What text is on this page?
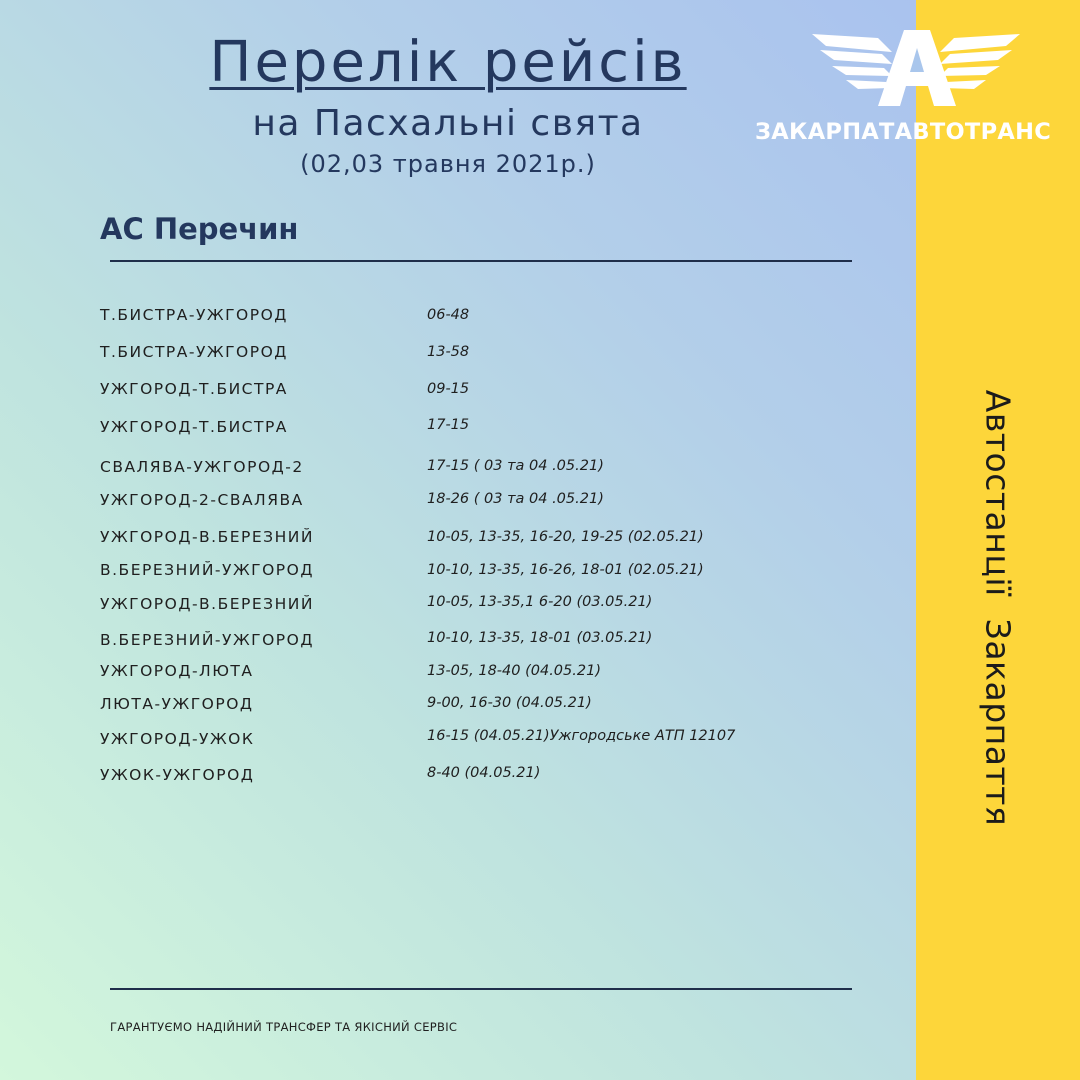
АвтостанціїЗакарпаття
Перелік рейсів
на Пасхальні свята
(02,03 травня 2021р.)
ЗАКАРПАТАВТОТРАНС
АС Перечин
Т.БИСТРА-УЖГОРОД	06-48
Т.БИСТРА-УЖГОРОД	13-58
УЖГОРОД-Т.БИСТРА	09-15
УЖГОРОД-Т.БИСТРА	17-15
СВАЛЯВА-УЖГОРОД-2	17-15 ( 03 та 04 .05.21)
УЖГОРОД-2-СВАЛЯВА	18-26 ( 03 та 04 .05.21)
УЖГОРОД-В.БЕРЕЗНИЙ	10-05, 13-35, 16-20, 19-25 (02.05.21)
В.БЕРЕЗНИЙ-УЖГОРОД	10-10, 13-35, 16-26, 18-01 (02.05.21)
УЖГОРОД-В.БЕРЕЗНИЙ	10-05, 13-35,1 6-20 (03.05.21)
В.БЕРЕЗНИЙ-УЖГОРОД	10-10, 13-35, 18-01 (03.05.21)
УЖГОРОД-ЛЮТА	13-05, 18-40 (04.05.21)
ЛЮТА-УЖГОРОД	9-00, 16-30 (04.05.21)
УЖГОРОД-УЖОК	16-15 (04.05.21)Ужгородське АТП 12107
УЖОК-УЖГОРОД	8-40 (04.05.21)
ГАРАНТУЄМО НАДІЙНИЙ ТРАНСФЕР ТА ЯКІСНИЙ СЕРВІС
